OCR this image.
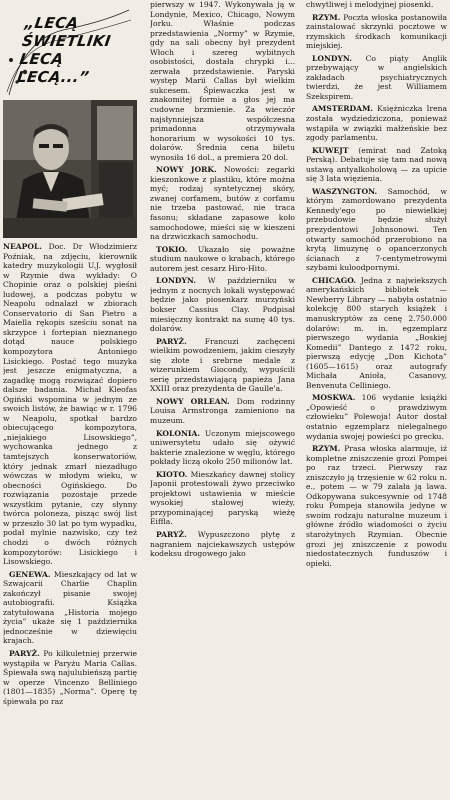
„LECĄ ŚWIETLIKI LECĄ LECĄ...”

NEAPOL. Doc. Dr Włodzimierz Poźniak, na zdjęciu, kierownik katedry muzykologii U.J. wygłosił w Rzymie dwa wykłady: O Chopinie oraz o polskiej pieśni ludowej, a podczas pobytu w Neapolu odnalazł w zbiorach Conservatorio di San Pietro a Maiella rękopis sześciu sonat na skrzypce i fortepian nieznanego dotąd nauce polskiego kompozytora Antoniego Lisickiego. Postać tego muzyka jest jeszcze enigmatyczna, a zagadkę mogą rozwiązać dopiero dalsze badania. Michał Kleofas Ogiński wspomina w jednym ze swoich listów, że bawiąc w r. 1796 w Neapolu, spotkał bardzo obiecującego kompozytora, „niejakiego Lisowskiego”, wychowanka jednego z tamtejszych konserwatoriów, który jednak zmarł niezadługo wówczas w młodym wieku, w obecności Ogińskiego. Do rozwiązania pozostaje przede wszystkim pytanie, czy słynny twórca poloneza, pisząc swój list w przeszło 30 lat po tym wypadku, podał mylnie nazwisko, czy też chodzi o dwóch różnych kompozytorów: Lisickiego i Lisowskiego.

GENEWA. Mieszkający od lat w Szwajcarii Charlie Chaplin zakończył pisanie swojej autobiografii. Książka zatytułowana „Historia mojego życia” ukaże się 1 października jednocześnie w dziewięciu krajach.

PARYŻ. Po kilkuletniej przerwie wystąpiła w Paryżu Maria Callas. Śpiewała swą najulubieńszą partię w operze Vincenzo Belliniego (1801—1835) „Norma”. Operę tę śpiewała po raz

pierwszy w 1947. Wykonywała ją w Londynie, Mexico, Chicago, Nowym Jorku. Właśnie podczas przedstawienia „Normy” w Rzymie, gdy na sali obecny był prezydent Włoch i szereg wybitnych osobistości, dostała chrypki i... zerwała przedstawienie. Paryski występ Marii Callas był wielkim sukcesem. Śpiewaczka jest w znakomitej formie a głos jej ma cudowne brzmienie. Za wieczór najsłynniejsza współczesna primadonna otrzymywała honorarium w wysokości 10 tys. dolarów. Średnia cena biletu wynosiła 16 dol., a premiera 20 dol.

NOWY JORK. Nowości: zegarki kieszonkowe z plastiku, które można myć; rodzaj syntetycznej skóry, zwanej corfamem, butów z corfamu nie trzeba pastować, nie traca fasonu; składane zapasowe koło samochodowe, mieści się w kieszeni na drzwiczkach samochodu.

TOKIO. Ukazało się poważne studium naukowe o krabach, którego autorem jest cesarz Hiro-Hito.

LONDYN. W październiku w jednym z nocnych lokali występować będzie jako piosenkarz murzyński bokser Cassius Clay. Podpisał miesięczny kontrakt na sumę 40 tys. dolarów.

PARYŻ. Francuzi zachęceni wielkim powodzeniem, jakim cieszyły się złote i srebrne medale z wizerunkiem Giocondy, wypuścili serię przedstawiającą papieża Jana XXIII oraz prezydenta de Gaulle'a.

NOWY ORLEAN. Dom rodzinny Louisa Armstronga zamieniono na muzeum.

KOLONIA. Uczonym miejscowego uniwersytetu udało się ożywić bakterie znalezione w węglu, którego pokłady liczą około 250 milionów lat.

KIOTO. Mieszkańcy dawnej stolicy Japonii protestowali żywo przeciwko projektowi ustawienia w mieście wysokiej stalowej wieży, przypominającej paryską wieżę Eiffla.

PARYŻ. Wypuszczono płytę z nagraniem najciekawszych ustępów kodeksu drogowego jako

chwytliwej i melodyjnej piosenki.

RZYM. Poczta włoska postanowiła zainstalować skrzynki pocztowe w rzymskich środkach komunikacji miejskiej.

LONDYN. Co piąty Anglik przebywający w angielskich zakładach psychiatrycznych twierdzi, że jest Williamem Szekspirem.

AMSTERDAM. Księżniczka Irena została wydziedziczona, ponieważ wstąpiła w związki małżeńskie bez zgody parlamentu.

KUWEJT (emirat nad Zatoką Perską). Debatuje się tam nad nową ustawą antyalkoholową — za upicie się 3 lata więzienia.

WASZYNGTON. Samochód, w którym zamordowano prezydenta Kennedy'ego po niewielkiej przebudowie będzie służył prezydentowi Johnsonowi. Ten otwarty samochód przerobiono na krytą limuzynę o opancerzonych ścianach z 7-centymetrowymi szybami kuloodpornymi.

CHICAGO. Jedna z najwiekszych amerykańskich bibliotek — Newberry Library — nabyła ostatnio kolekcję 800 starych książek i manuskryptów za cenę 2.750.000 dolarów: m. in. egzemplarz pierwszego wydania „Boskiej Komedii” Dantego z 1472 roku, pierwszą edycję „Don Kichota” (1605—1615) oraz autografy Michała Anioła, Casanovy, Benvenuta Celliniego.

MOSKWA. 106 wydanie książki „Opowieść o prawdziwym człowieku” Polewoja! Autor dostał ostatnio egzemplarz nielegalnego wydania swojej powieści po grecku.

RZYM. Prasa włoska alarmuje, iż kompletne zniszczenie grozi Pompei po raz trzeci. Pierwszy raz zniszczyło ją trzęsienie w 62 roku n. e., potem — w 79 zalała ją lawa. Odkopywana sukcesywnie od 1748 roku Pompeja stanowiła jedyne w swoim rodzaju naturalne muzeum i główne źródło wiadomości o życiu starożytnych Rzymian. Obecnie grozi jej zniszczenie z powodu niedostatecznych funduszów i opieki.
